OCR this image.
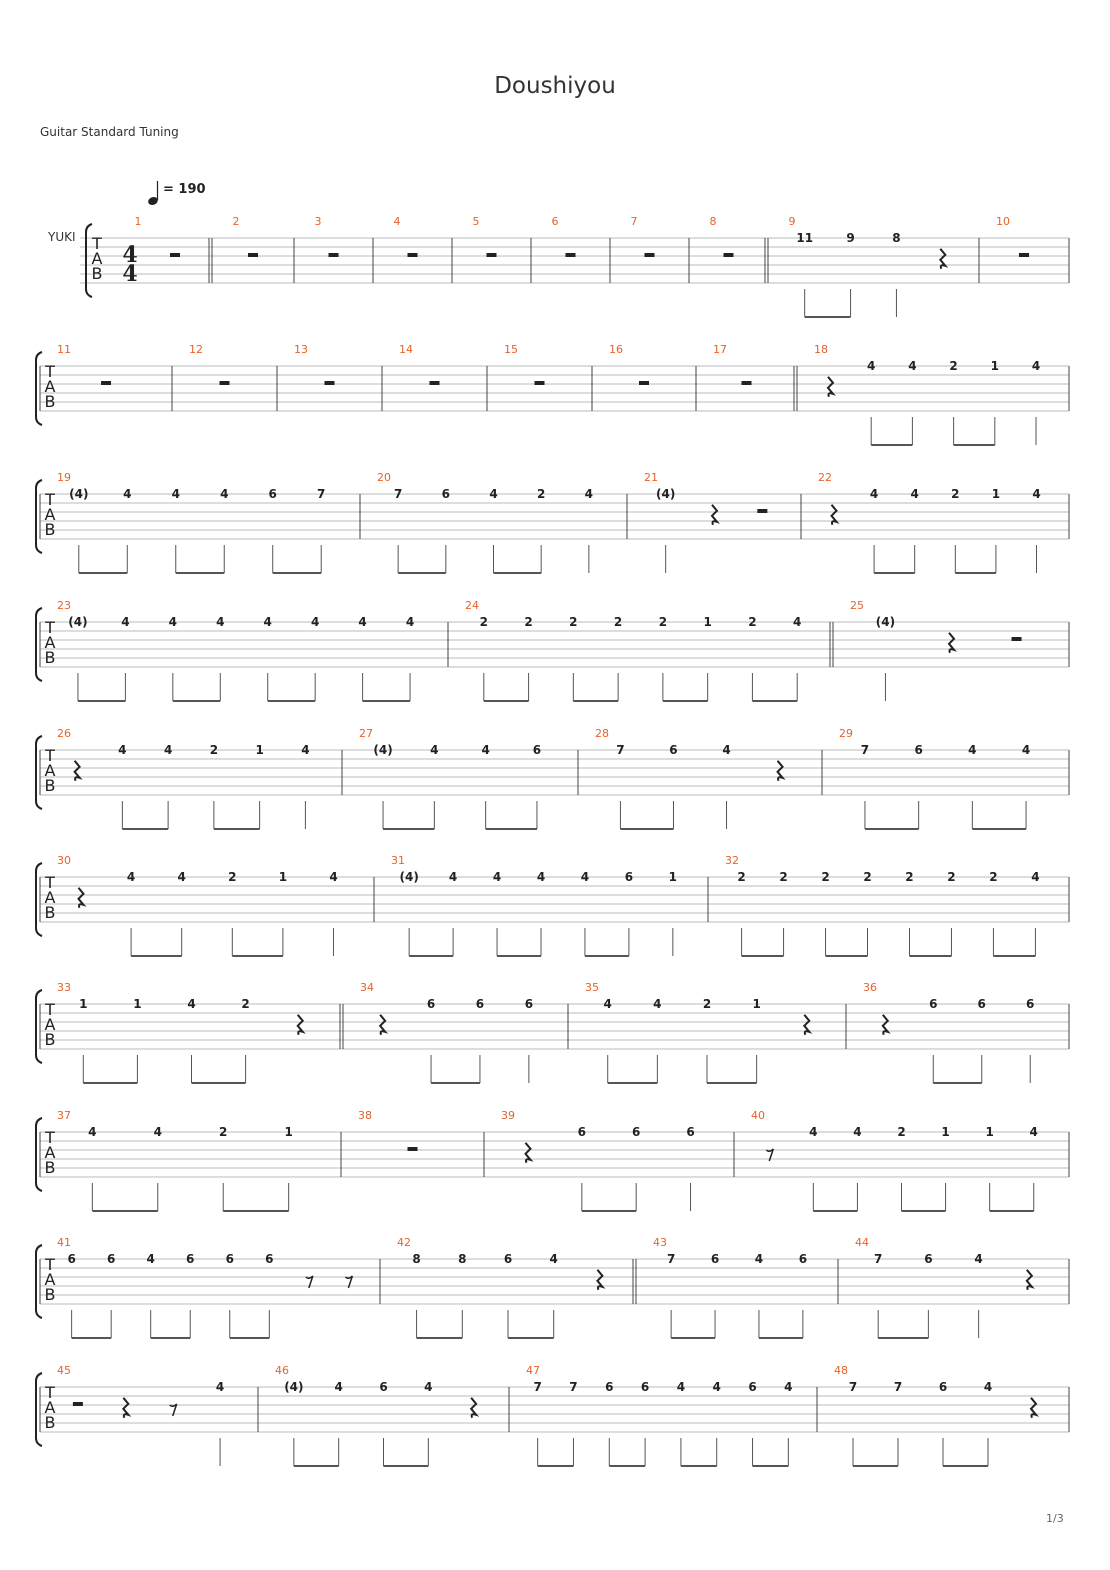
Doushiyou
Guitar Standard Tuning
1/3
= 190
YUKI T
A
B
4
4
1	2	3	4	5	6	7	8	9
11	9	8
10
T
A
B
11	12	13	14	15	16	17	18
4	4	2	1	4
T
A
B
19
(4)	4	4	4	6	7
20
7	6	4	2	4
21
(4)
22
4	4	2	1	4
T
A
B
23
(4)	4	4	4	4	4	4	4
24
2	2	2	2	2	1	2	4
25
(4)
T
A
B
26
4	4	2	1	4
27
(4)	4	4	6
28
7	6	4
29
7	6	4	4
T
A
B
30
4	4	2	1	4
31
(4)	4	4	4	4	6	1
32
2	2	2	2	2	2	2	4
T
A
B
33
1	1	4	2
34
6	6	6
35
4	4	2	1
36
6	6	6
T
A
B
37
4	4	2	1
38	39
6	6	6
40
4	4	2	1	1	4
T
A
B
41
6	6	4	6	6	6
42
8	8	6	4
43
7	6	4	6
44
7	6	4
T
A
B
45
4
46
(4)	4	6	4
47
7 7 6 6 4 4 6 4
48
7	7	6	4
